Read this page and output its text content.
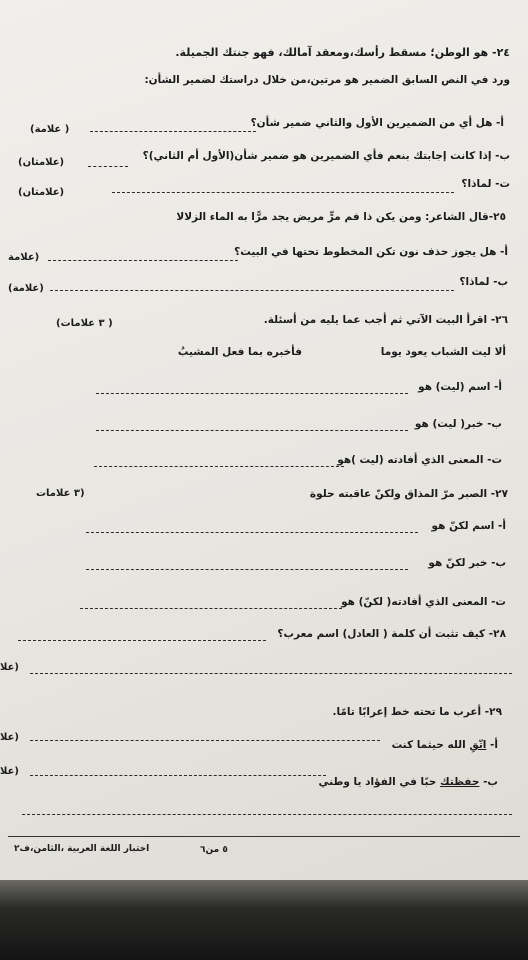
٢٤- هو الوطن؛ مسقط رأسك،ومعقد آمالك، فهو جنتك الجميلة.
ورد في النص السابق الضمير هو مرتين،من خلال دراستك لضمير الشأن:
أ- هل أي من الضميرين الأول والثاني ضمير شأن؟
( علامة)
ب- إذا كانت إجابتك بنعم فأي الضميرين هو ضمير شأن(الأول أم الثاني)؟
(علامتان)
ت- لماذا؟
(علامتان)
٢٥-قال الشاعر: ومن يكن ذا فم مرٍّ مريض يجد مرًّا به الماء الزلالا
أ- هل يجوز حذف نون تكن المخطوط تحتها في البيت؟
(علامة
ب- لماذا؟
(علامة)
٢٦- اقرأ البيت الآتي ثم أجب عما يليه من أسئلة.
( ٣ علامات)
ألا ليت الشباب يعود يوما
فأخبره بما فعل المشيبُ
أ- اسم (ليت) هو
ب- خبر( ليت) هو
ت- المعنى الذي أفادته (ليت )هو
٢٧- الصبر مرّ المذاق ولكنّ عاقبته حلوة
(٣ علامات
أ- اسم لكنّ هو
ب- خبر لكنّ هو
ت- المعنى الذي أفادته( لكنّ) هو
٢٨- كيف تثبت أن كلمة ( العادل) اسم معرب؟
(علا
٢٩- أعرب ما تحته خط إعرابًا تامًا.
أ- اتّقِ الله حيثما كنت
(علا
ب- حفظتك حبًا في الفؤاد يا وطني
(علا
٥ من٦
اختبار اللغة العربية ،الثامن،ف٢
